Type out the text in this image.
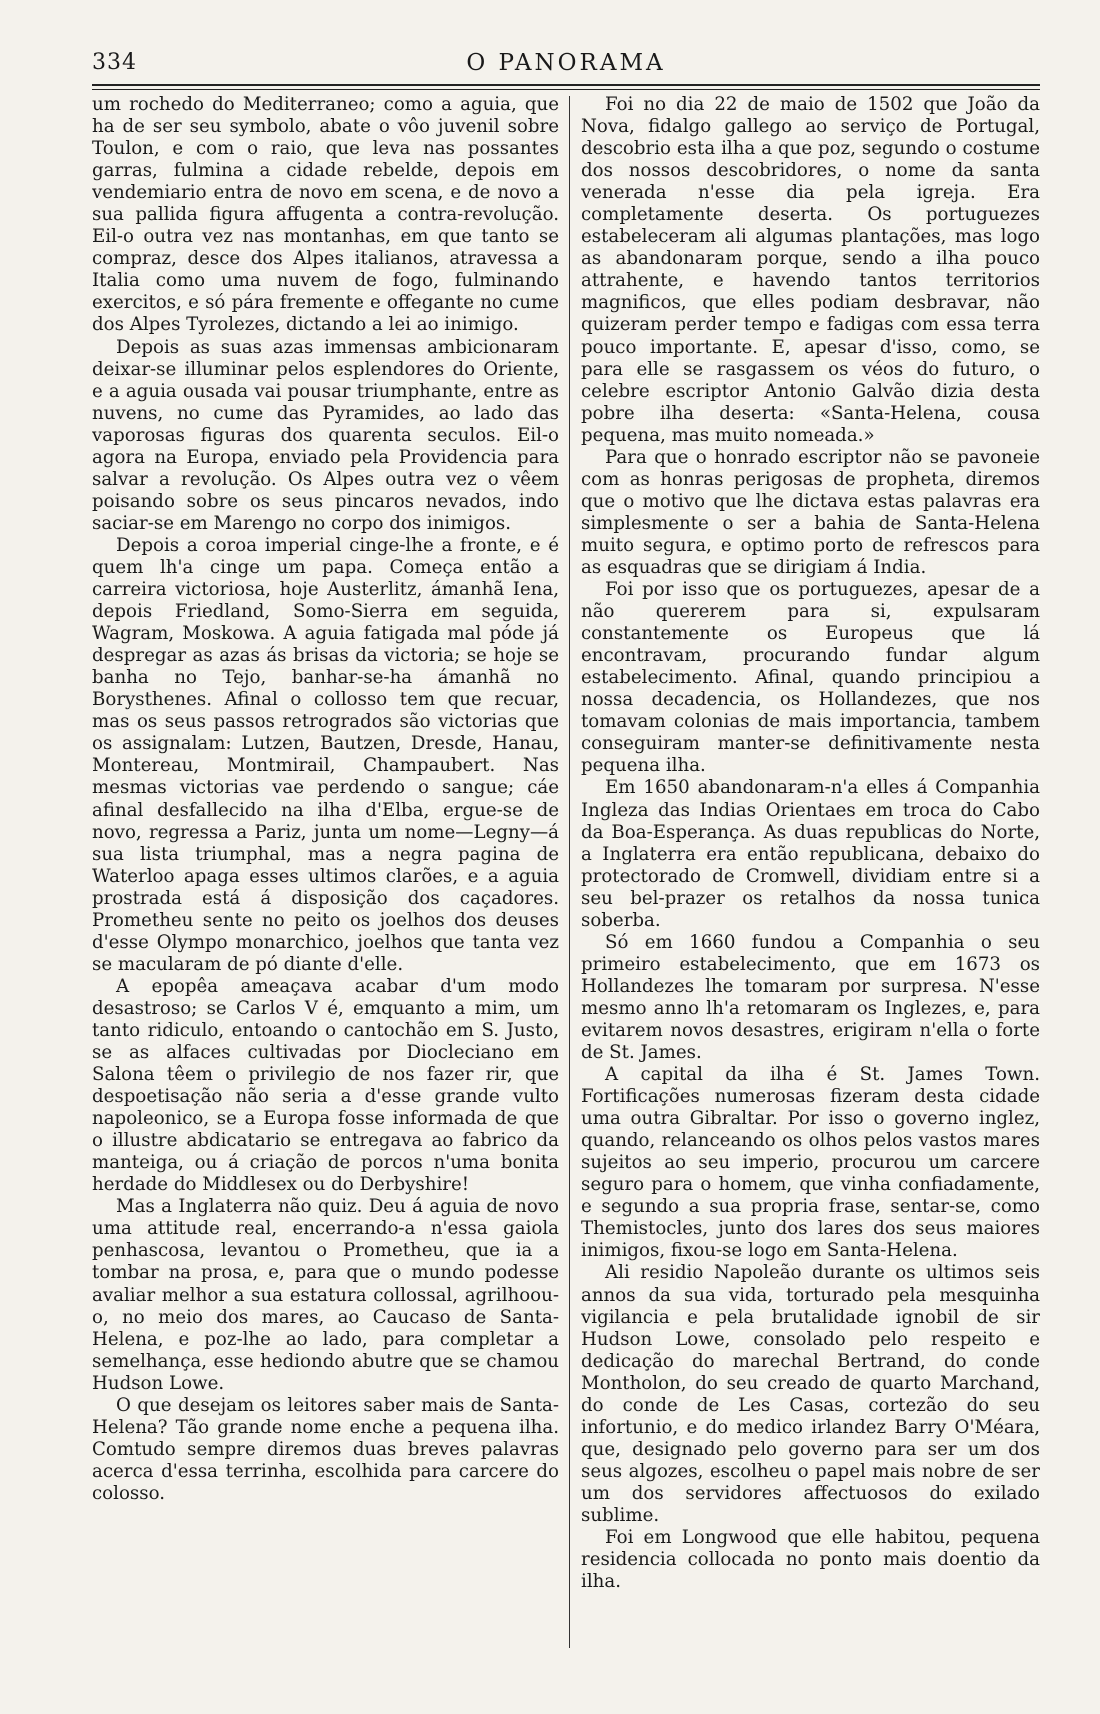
334	O PANORAMA

um rochedo do Mediterraneo; como a aguia, que ha de ser seu symbolo, abate o vôo juvenil sobre Toulon, e com o raio, que leva nas possantes garras, fulmina a cidade rebelde, depois em vendemiario entra de novo em scena, e de novo a sua pallida figura affugenta a contra-revolução. Eil-o outra vez nas montanhas, em que tanto se compraz, desce dos Alpes italianos, atravessa a Italia como uma nuvem de fogo, fulminando exercitos, e só pára fremente e offegante no cume dos Alpes Tyrolezes, dictando a lei ao inimigo.

Depois as suas azas immensas ambicionaram deixar-se illuminar pelos esplendores do Oriente, e a aguia ousada vai pousar triumphante, entre as nuvens, no cume das Pyramides, ao lado das vaporosas figuras dos quarenta seculos. Eil-o agora na Europa, enviado pela Providencia para salvar a revolução. Os Alpes outra vez o vêem poisando sobre os seus pincaros nevados, indo saciar-se em Marengo no corpo dos inimigos.

Depois a coroa imperial cinge-lhe a fronte, e é quem lh'a cinge um papa. Começa então a carreira victoriosa, hoje Austerlitz, ámanhã Iena, depois Friedland, Somo-Sierra em seguida, Wagram, Moskowa. A aguia fatigada mal póde já despregar as azas ás brisas da victoria; se hoje se banha no Tejo, banhar-se-ha ámanhã no Borysthenes. Afinal o collosso tem que recuar, mas os seus passos retrogrados são victorias que os assignalam: Lutzen, Bautzen, Dresde, Hanau, Montereau, Montmirail, Champaubert. Nas mesmas victorias vae perdendo o sangue; cáe afinal desfallecido na ilha d'Elba, ergue-se de novo, regressa a Pariz, junta um nome—Legny—á sua lista triumphal, mas a negra pagina de Waterloo apaga esses ultimos clarões, e a aguia prostrada está á disposição dos caçadores. Prometheu sente no peito os joelhos dos deuses d'esse Olympo monarchico, joelhos que tanta vez se macularam de pó diante d'elle.

A epopêa ameaçava acabar d'um modo desastroso; se Carlos V é, emquanto a mim, um tanto ridiculo, entoando o cantochão em S. Justo, se as alfaces cultivadas por Diocleciano em Salona têem o privilegio de nos fazer rir, que despoetisação não seria a d'esse grande vulto napoleonico, se a Europa fosse informada de que o illustre abdicatario se entregava ao fabrico da manteiga, ou á criação de porcos n'uma bonita herdade do Middlesex ou do Derbyshire!

Mas a Inglaterra não quiz. Deu á aguia de novo uma attitude real, encerrando-a n'essa gaiola penhascosa, levantou o Prometheu, que ia a tombar na prosa, e, para que o mundo podesse avaliar melhor a sua estatura collossal, agrilhoou-o, no meio dos mares, ao Caucaso de Santa-Helena, e poz-lhe ao lado, para completar a semelhança, esse hediondo abutre que se chamou Hudson Lowe.

O que desejam os leitores saber mais de Santa-Helena? Tão grande nome enche a pequena ilha. Comtudo sempre diremos duas breves palavras acerca d'essa terrinha, escolhida para carcere do colosso.

Foi no dia 22 de maio de 1502 que João da Nova, fidalgo gallego ao serviço de Portugal, descobrio esta ilha a que poz, segundo o costume dos nossos descobridores, o nome da santa venerada n'esse dia pela igreja. Era completamente deserta. Os portuguezes estabeleceram ali algumas plantações, mas logo as abandonaram porque, sendo a ilha pouco attrahente, e havendo tantos territorios magnificos, que elles podiam desbravar, não quizeram perder tempo e fadigas com essa terra pouco importante. E, apesar d'isso, como, se para elle se rasgassem os véos do futuro, o celebre escriptor Antonio Galvão dizia desta pobre ilha deserta: «Santa-Helena, cousa pequena, mas muito nomeada.»

Para que o honrado escriptor não se pavoneie com as honras perigosas de propheta, diremos que o motivo que lhe dictava estas palavras era simplesmente o ser a bahia de Santa-Helena muito segura, e optimo porto de refrescos para as esquadras que se dirigiam á India.

Foi por isso que os portuguezes, apesar de a não quererem para si, expulsaram constantemente os Europeus que lá encontravam, procurando fundar algum estabelecimento. Afinal, quando principiou a nossa decadencia, os Hollandezes, que nos tomavam colonias de mais importancia, tambem conseguiram manter-se definitivamente nesta pequena ilha.

Em 1650 abandonaram-n'a elles á Companhia Ingleza das Indias Orientaes em troca do Cabo da Boa-Esperança. As duas republicas do Norte, a Inglaterra era então republicana, debaixo do protectorado de Cromwell, dividiam entre si a seu bel-prazer os retalhos da nossa tunica soberba.

Só em 1660 fundou a Companhia o seu primeiro estabelecimento, que em 1673 os Hollandezes lhe tomaram por surpresa. N'esse mesmo anno lh'a retomaram os Inglezes, e, para evitarem novos desastres, erigiram n'ella o forte de St. James.

A capital da ilha é St. James Town. Fortificações numerosas fizeram desta cidade uma outra Gibraltar. Por isso o governo inglez, quando, relanceando os olhos pelos vastos mares sujeitos ao seu imperio, procurou um carcere seguro para o homem, que vinha confiadamente, e segundo a sua propria frase, sentar-se, como Themistocles, junto dos lares dos seus maiores inimigos, fixou-se logo em Santa-Helena.

Ali residio Napoleão durante os ultimos seis annos da sua vida, torturado pela mesquinha vigilancia e pela brutalidade ignobil de sir Hudson Lowe, consolado pelo respeito e dedicação do marechal Bertrand, do conde Montholon, do seu creado de quarto Marchand, do conde de Les Casas, cortezão do seu infortunio, e do medico irlandez Barry O'Méara, que, designado pelo governo para ser um dos seus algozes, escolheu o papel mais nobre de ser um dos servidores affectuosos do exilado sublime.

Foi em Longwood que elle habitou, pequena residencia collocada no ponto mais doentio da ilha.
